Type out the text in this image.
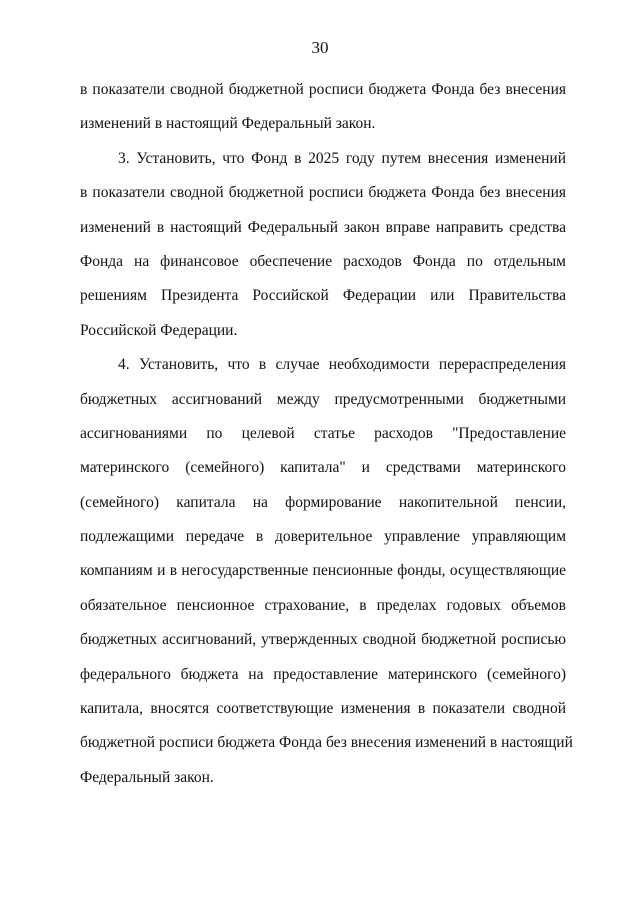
30
в показатели сводной бюджетной росписи бюджета Фонда без внесения
изменений в настоящий Федеральный закон.
3. Установить, что Фонд в 2025 году путем внесения изменений
в показатели сводной бюджетной росписи бюджета Фонда без внесения
изменений в настоящий Федеральный закон вправе направить средства
Фонда на финансовое обеспечение расходов Фонда по отдельным
решениям Президента Российской Федерации или Правительства
Российской Федерации.
4. Установить, что в случае необходимости перераспределения
бюджетных ассигнований между предусмотренными бюджетными
ассигнованиями по целевой статье расходов "Предоставление
материнского (семейного) капитала" и средствами материнского
(семейного) капитала на формирование накопительной пенсии,
подлежащими передаче в доверительное управление управляющим
компаниям и в негосударственные пенсионные фонды, осуществляющие
обязательное пенсионное страхование, в пределах годовых объемов
бюджетных ассигнований, утвержденных сводной бюджетной росписью
федерального бюджета на предоставление материнского (семейного)
капитала, вносятся соответствующие изменения в показатели сводной
бюджетной росписи бюджета Фонда без внесения изменений в настоящий
Федеральный закон.
